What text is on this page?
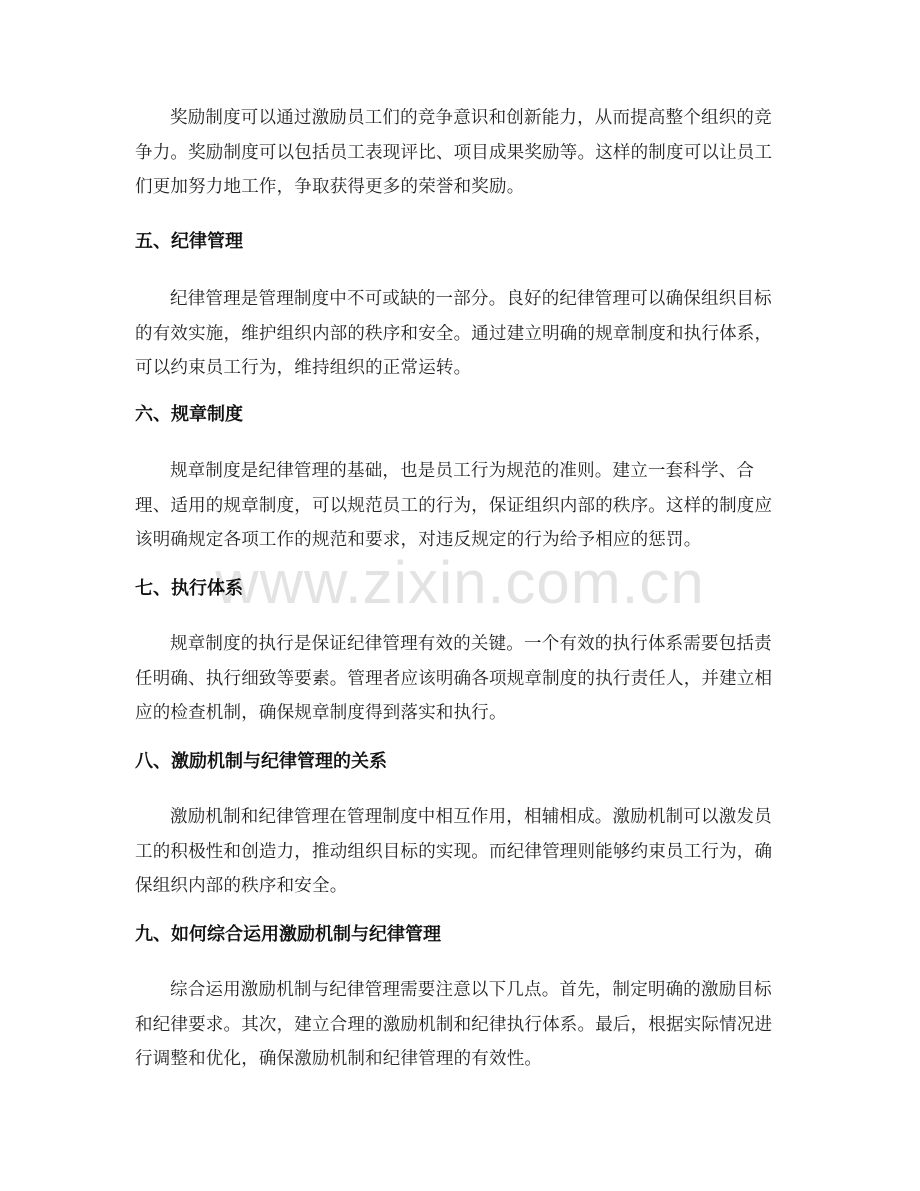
奖励制度可以通过激励员工们的竞争意识和创新能力，从而提高整个组织的竞争力。奖励制度可以包括员工表现评比、项目成果奖励等。这样的制度可以让员工们更加努力地工作，争取获得更多的荣誉和奖励。

五、纪律管理

纪律管理是管理制度中不可或缺的一部分。良好的纪律管理可以确保组织目标的有效实施，维护组织内部的秩序和安全。通过建立明确的规章制度和执行体系，可以约束员工行为，维持组织的正常运转。

六、规章制度

规章制度是纪律管理的基础，也是员工行为规范的准则。建立一套科学、合理、适用的规章制度，可以规范员工的行为，保证组织内部的秩序。这样的制度应该明确规定各项工作的规范和要求，对违反规定的行为给予相应的惩罚。

七、执行体系

规章制度的执行是保证纪律管理有效的关键。一个有效的执行体系需要包括责任明确、执行细致等要素。管理者应该明确各项规章制度的执行责任人，并建立相应的检查机制，确保规章制度得到落实和执行。

八、激励机制与纪律管理的关系

激励机制和纪律管理在管理制度中相互作用，相辅相成。激励机制可以激发员工的积极性和创造力，推动组织目标的实现。而纪律管理则能够约束员工行为，确保组织内部的秩序和安全。

九、如何综合运用激励机制与纪律管理

综合运用激励机制与纪律管理需要注意以下几点。首先，制定明确的激励目标和纪律要求。其次，建立合理的激励机制和纪律执行体系。最后，根据实际情况进行调整和优化，确保激励机制和纪律管理的有效性。

www.zixin.com.cn
